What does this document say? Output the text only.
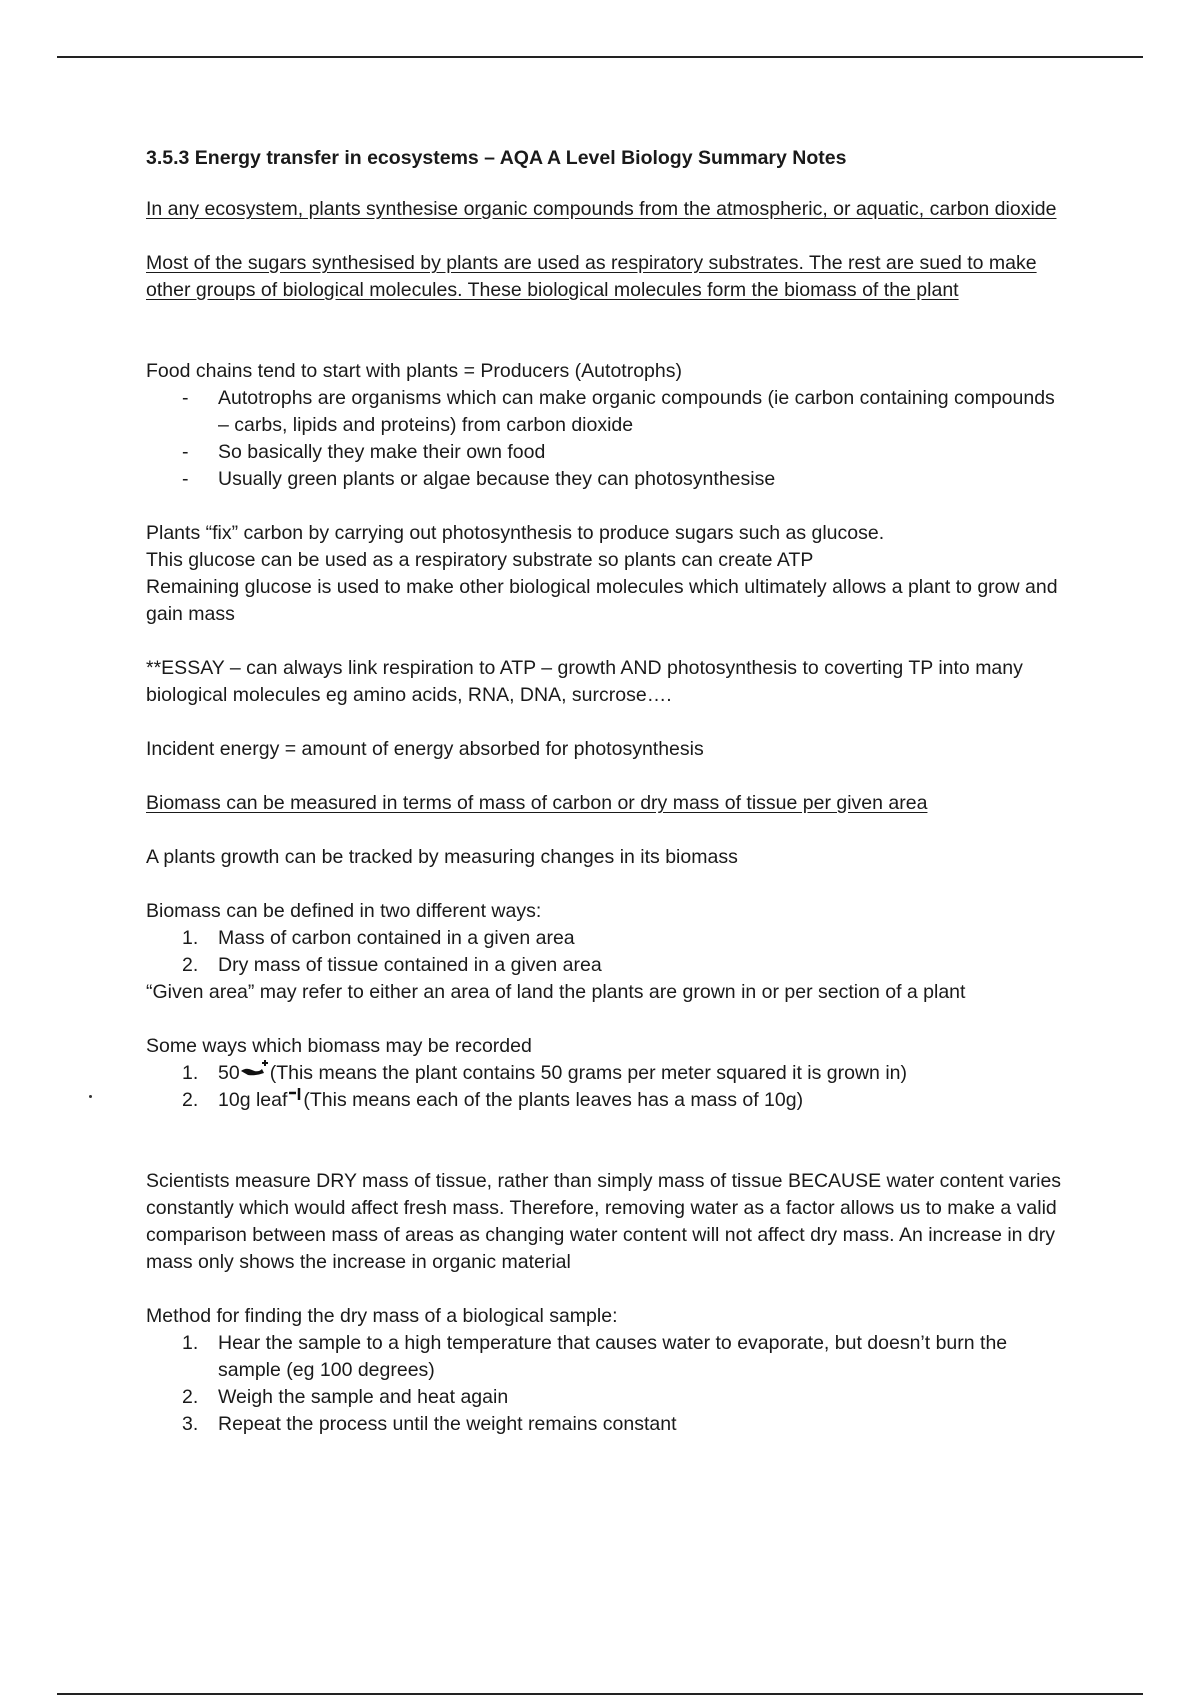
3.5.3 Energy transfer in ecosystems – AQA A Level Biology Summary Notes

In any ecosystem, plants synthesise organic compounds from the atmospheric, or aquatic, carbon dioxide

Most of the sugars synthesised by plants are used as respiratory substrates. The rest are sued to make other groups of biological molecules. These biological molecules form the biomass of the plant

Food chains tend to start with plants = Producers (Autotrophs)

- Autotrophs are organisms which can make organic compounds (ie carbon containing compounds – carbs, lipids and proteins) from carbon dioxide
- So basically they make their own food
- Usually green plants or algae because they can photosynthesise

Plants “fix” carbon by carrying out photosynthesis to produce sugars such as glucose.

This glucose can be used as a respiratory substrate so plants can create ATP

Remaining glucose is used to make other biological molecules which ultimately allows a plant to grow and gain mass

**ESSAY – can always link respiration to ATP – growth AND photosynthesis to coverting TP into many biological molecules eg amino acids, RNA, DNA, surcrose….

Incident energy = amount of energy absorbed for photosynthesis

Biomass can be measured in terms of mass of carbon or dry mass of tissue per given area

A plants growth can be tracked by measuring changes in its biomass

Biomass can be defined in two different ways:

1. Mass of carbon contained in a given area
2. Dry mass of tissue contained in a given area

“Given area” may refer to either an area of land the plants are grown in or per section of a plant

Some ways which biomass may be recorded

1. 50 (This means the plant contains 50 grams per meter squared it is grown in)
2. 10g leaf (This means each of the plants leaves has a mass of 10g)

Scientists measure DRY mass of tissue, rather than simply mass of tissue BECAUSE water content varies constantly which would affect fresh mass. Therefore, removing water as a factor allows us to make a valid comparison between mass of areas as changing water content will not affect dry mass. An increase in dry mass only shows the increase in organic material

Method for finding the dry mass of a biological sample:

1. Hear the sample to a high temperature that causes water to evaporate, but doesn’t burn the sample (eg 100 degrees)
2. Weigh the sample and heat again
3. Repeat the process until the weight remains constant
